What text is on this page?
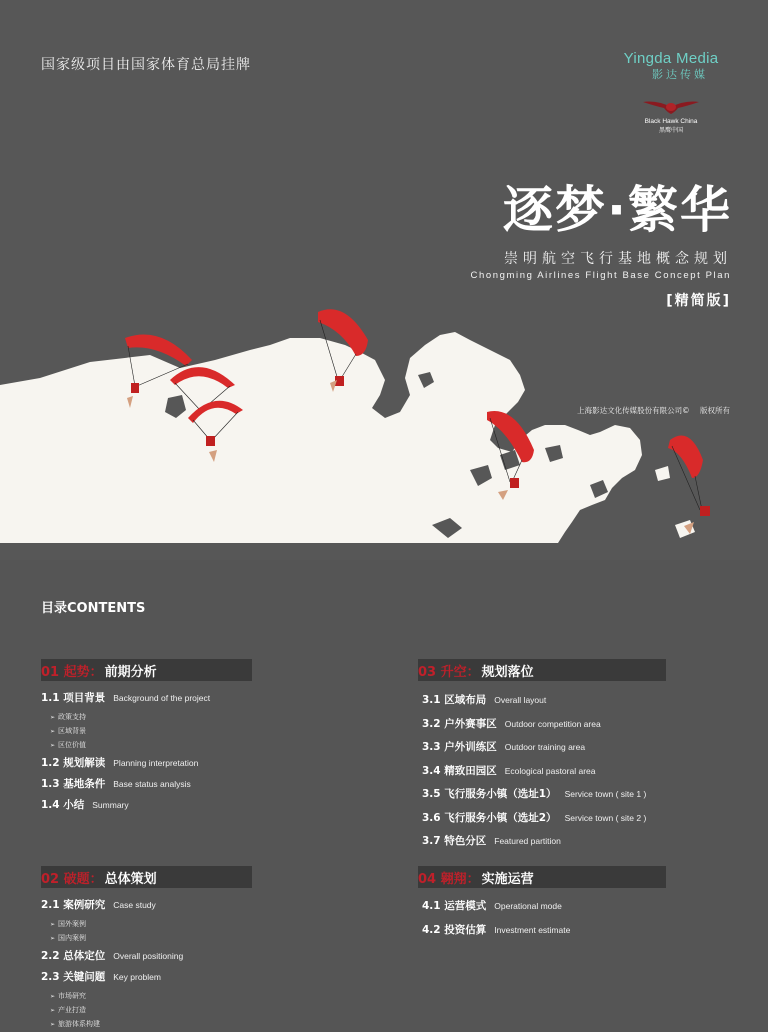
国家级项目由国家体育总局挂牌	Yingda Media
影达传媒
Black Hawk China
黑鹰中国
逐梦·繁华
崇明航空飞行基地概念规划
Chongming Airlines Flight Base Concept Plan
[精简版]
上海影达文化传媒股份有限公司© 版权所有
目录CONTENTS
01 起势： 前期分析
1.1 项目背景 Background of the project
➢ 政策支持
➢ 区域背景
➢ 区位价值
1.2 规划解读 Planning interpretation
1.3 基地条件 Base status analysis
1.4 小结 Summary
02 破题： 总体策划
2.1 案例研究 Case study
➢ 国外案例
➢ 国内案例
2.2 总体定位 Overall positioning
2.3 关键问题 Key problem
➢ 市场研究
➢ 产业打造
➢ 旅游体系构建
03 升空： 规划落位
3.1 区域布局 Overall layout
3.2 户外赛事区 Outdoor competition area
3.3 户外训练区 Outdoor training area
3.4 精致田园区 Ecological pastoral area
3.5 飞行服务小镇（选址1） Service town ( site 1 )
3.6 飞行服务小镇（选址2） Service town ( site 2 )
3.7 特色分区 Featured partition
04 翱翔： 实施运营
4.1 运营模式 Operational mode
4.2 投资估算 Investment estimate
